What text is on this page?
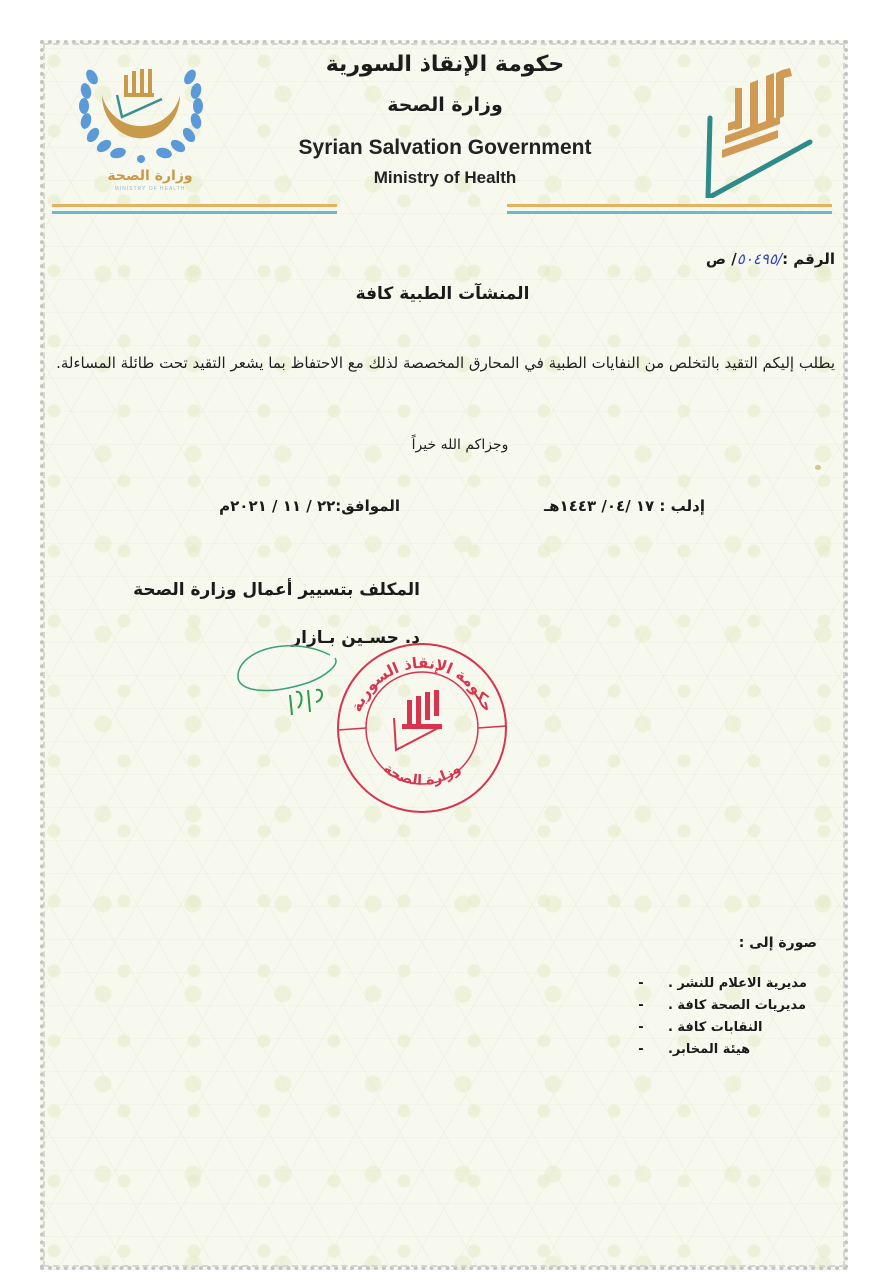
وزارة الصحة
MINISTRY OF HEALTH
حكومة الإنقاذ السورية
وزارة الصحة
Syrian Salvation Government
Ministry of Health
الرقم :/٥٠٤٩٥/ ص
المنشآت الطبية كافة
يطلب إليكم التقيد بالتخلص من النفايات الطبية في المحارق المخصصة لذلك مع الاحتفاظ بما يشعر التقيد تحت طائلة المساءلة.
وجزاكم الله خيراً
إدلب : ١٧ /٠٤/ ١٤٤٣هـ
الموافق:٢٢ / ١١ / ٢٠٢١م
المكلف بتسيير أعمال وزارة الصحة
د. حسـين بـازار
حكومة الإنقاذ السورية
وزارة الصحة
صورة إلى :
- مديرية الاعلام للنشر .
- مديريات الصحة كافة .
- النقابات كافة .
- هيئة المخابر.
